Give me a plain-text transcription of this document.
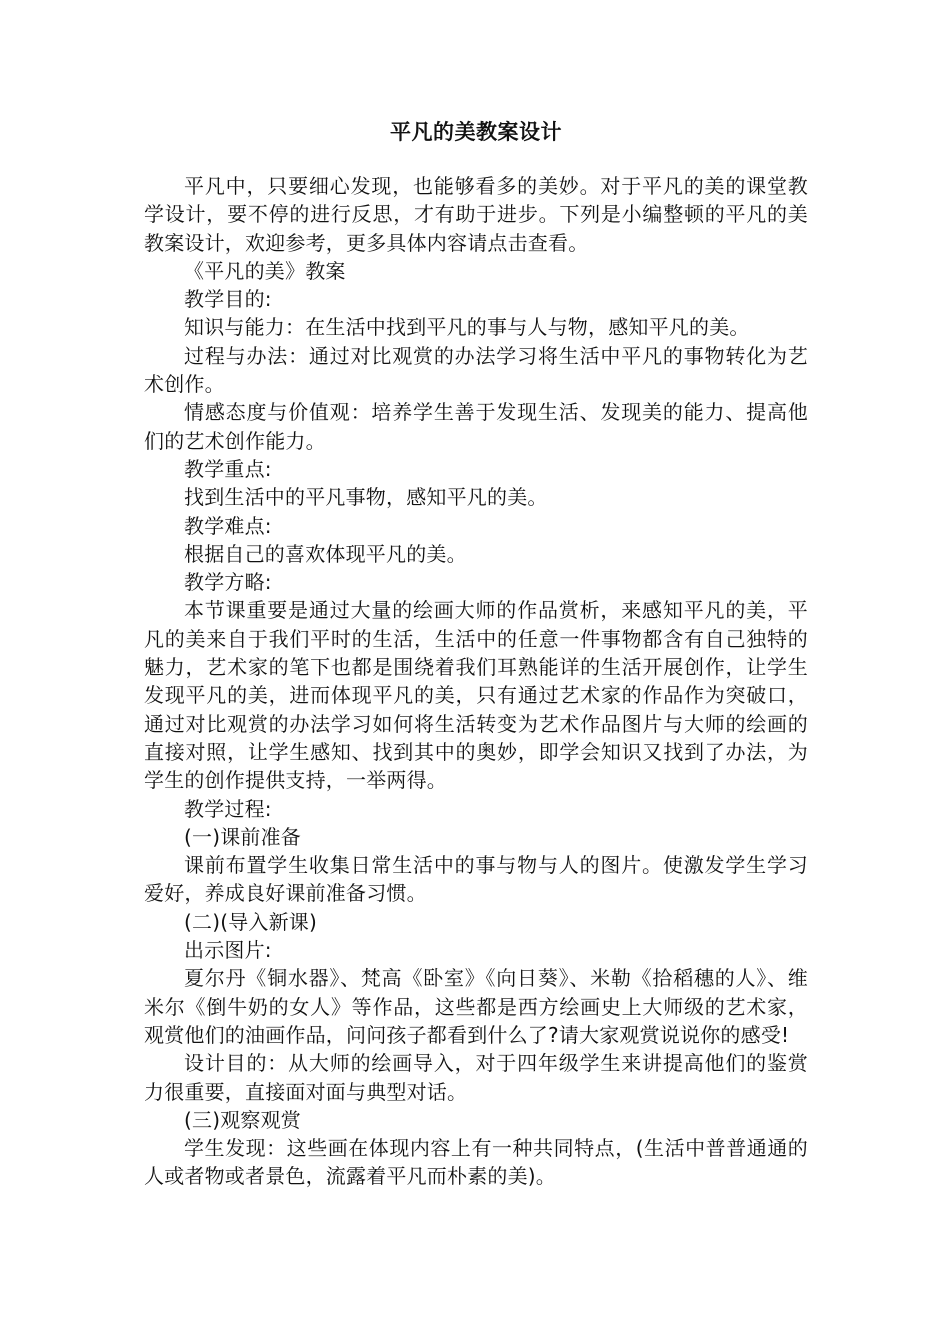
平凡的美教案设计

平凡中，只要细心发现，也能够看多的美妙。对于平凡的美的课堂教学设计，要不停的进行反思，才有助于进步。下列是小编整顿的平凡的美教案设计，欢迎参考，更多具体内容请点击查看。

《平凡的美》教案

教学目的:

知识与能力：在生活中找到平凡的事与人与物，感知平凡的美。

过程与办法：通过对比观赏的办法学习将生活中平凡的事物转化为艺术创作。

情感态度与价值观：培养学生善于发现生活、发现美的能力、提高他们的艺术创作能力。

教学重点:

找到生活中的平凡事物，感知平凡的美。

教学难点:

根据自己的喜欢体现平凡的美。

教学方略:

本节课重要是通过大量的绘画大师的作品赏析，来感知平凡的美，平凡的美来自于我们平时的生活，生活中的任意一件事物都含有自己独特的魅力，艺术家的笔下也都是围绕着我们耳熟能详的生活开展创作，让学生发现平凡的美，进而体现平凡的美，只有通过艺术家的作品作为突破口，通过对比观赏的办法学习如何将生活转变为艺术作品图片与大师的绘画的直接对照，让学生感知、找到其中的奥妙，即学会知识又找到了办法，为学生的创作提供支持，一举两得。

教学过程:

(一)课前准备

课前布置学生收集日常生活中的事与物与人的图片。使激发学生学习爱好，养成良好课前准备习惯。

(二)(导入新课)

出示图片:

夏尔丹《铜水器》、梵高《卧室》《向日葵》、米勒《拾稻穗的人》、维米尔《倒牛奶的女人》等作品，这些都是西方绘画史上大师级的艺术家，观赏他们的油画作品，问问孩子都看到什么了?请大家观赏说说你的感受!

设计目的：从大师的绘画导入，对于四年级学生来讲提高他们的鉴赏力很重要，直接面对面与典型对话。

(三)观察观赏

学生发现：这些画在体现内容上有一种共同特点，(生活中普普通通的人或者物或者景色，流露着平凡而朴素的美)。
